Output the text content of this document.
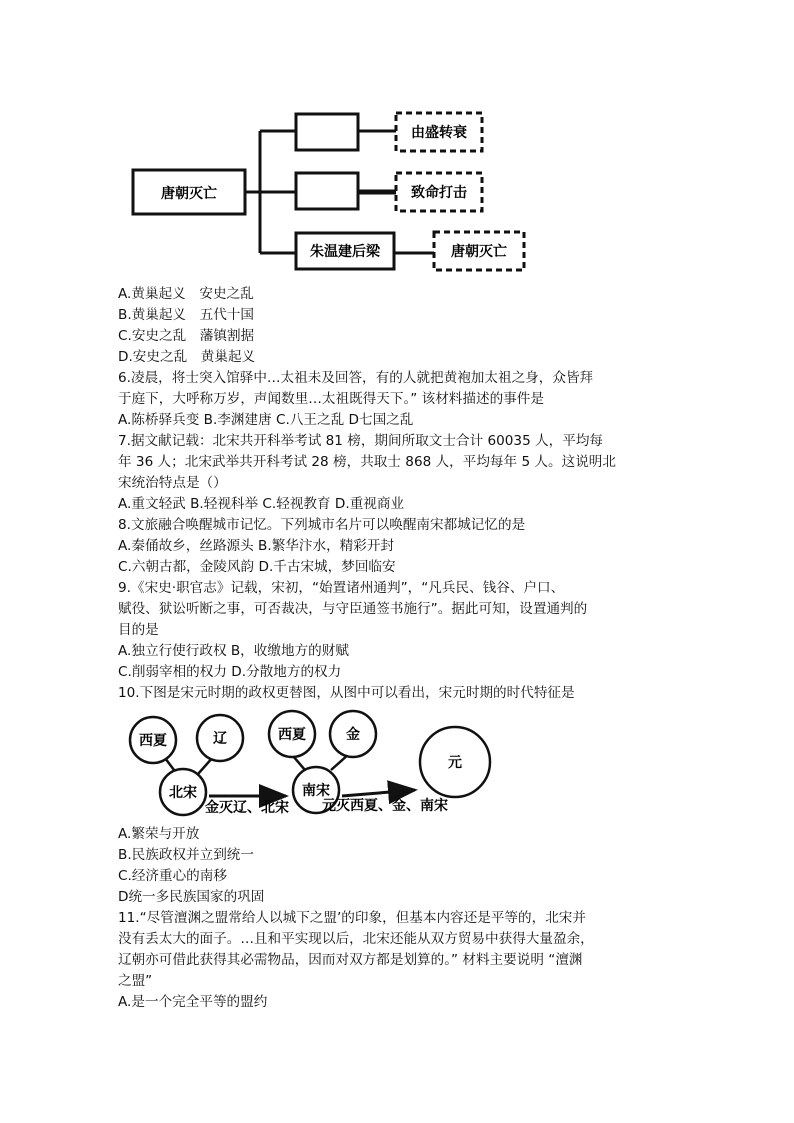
唐朝灭亡
朱温建后梁
由盛转衰
致命打击
唐朝灭亡
A.黄巢起义　安史之乱
B.黄巢起义　五代十国
C.安史之乱　藩镇割据
D.安史之乱　黄巢起义
6.凌晨，将士突入馆驿中…太祖未及回答，有的人就把黄袍加太祖之身，众皆拜
于庭下，大呼称万岁，声闻数里…太祖既得天下。” 该材料描述的事件是
A.陈桥驿兵变 B.李渊建唐 C.八王之乱 D七国之乱
7.据文献记载：北宋共开科举考试 81 榜，期间所取文士合计 60035 人，平均每
年 36 人；北宋武举共开科考试 28 榜，共取士 868 人，平均每年 5 人。这说明北
宋统治特点是（）
A.重文轻武 B.轻视科举 C.轻视教育 D.重视商业
8.文旅融合唤醒城市记忆。下列城市名片可以唤醒南宋都城记忆的是
A.秦俑故乡，丝路源头 B.繁华汴水，精彩开封
C.六朝古都，金陵风韵 D.千古宋城，梦回临安
9.《宋史·职官志》记载，宋初，“始置诸州通判”，“凡兵民、钱谷、户口、
赋役、狱讼听断之事，可否裁决，与守臣通签书施行”。据此可知，设置通判的
目的是
A.独立行使行政权 B，收缴地方的财赋
C.削弱宰相的权力 D.分散地方的权力
10.下图是宋元时期的政权更替图，从图中可以看出，宋元时期的时代特征是
西夏	辽
北宋
西夏	金
南宋
元
金灭辽、北宋 元灭西夏、金、南宋
A.繁荣与开放
B.民族政权并立到统一
C.经济重心的南移
D统一多民族国家的巩固
11.“尽管澶渊之盟常给人以城下之盟’的印象，但基本内容还是平等的，北宋并
没有丢太大的面子。…且和平实现以后，北宋还能从双方贸易中获得大量盈余，
辽朝亦可借此获得其必需物品，因而对双方都是划算的。” 材料主要说明 “澶渊
之盟”
A.是一个完全平等的盟约
